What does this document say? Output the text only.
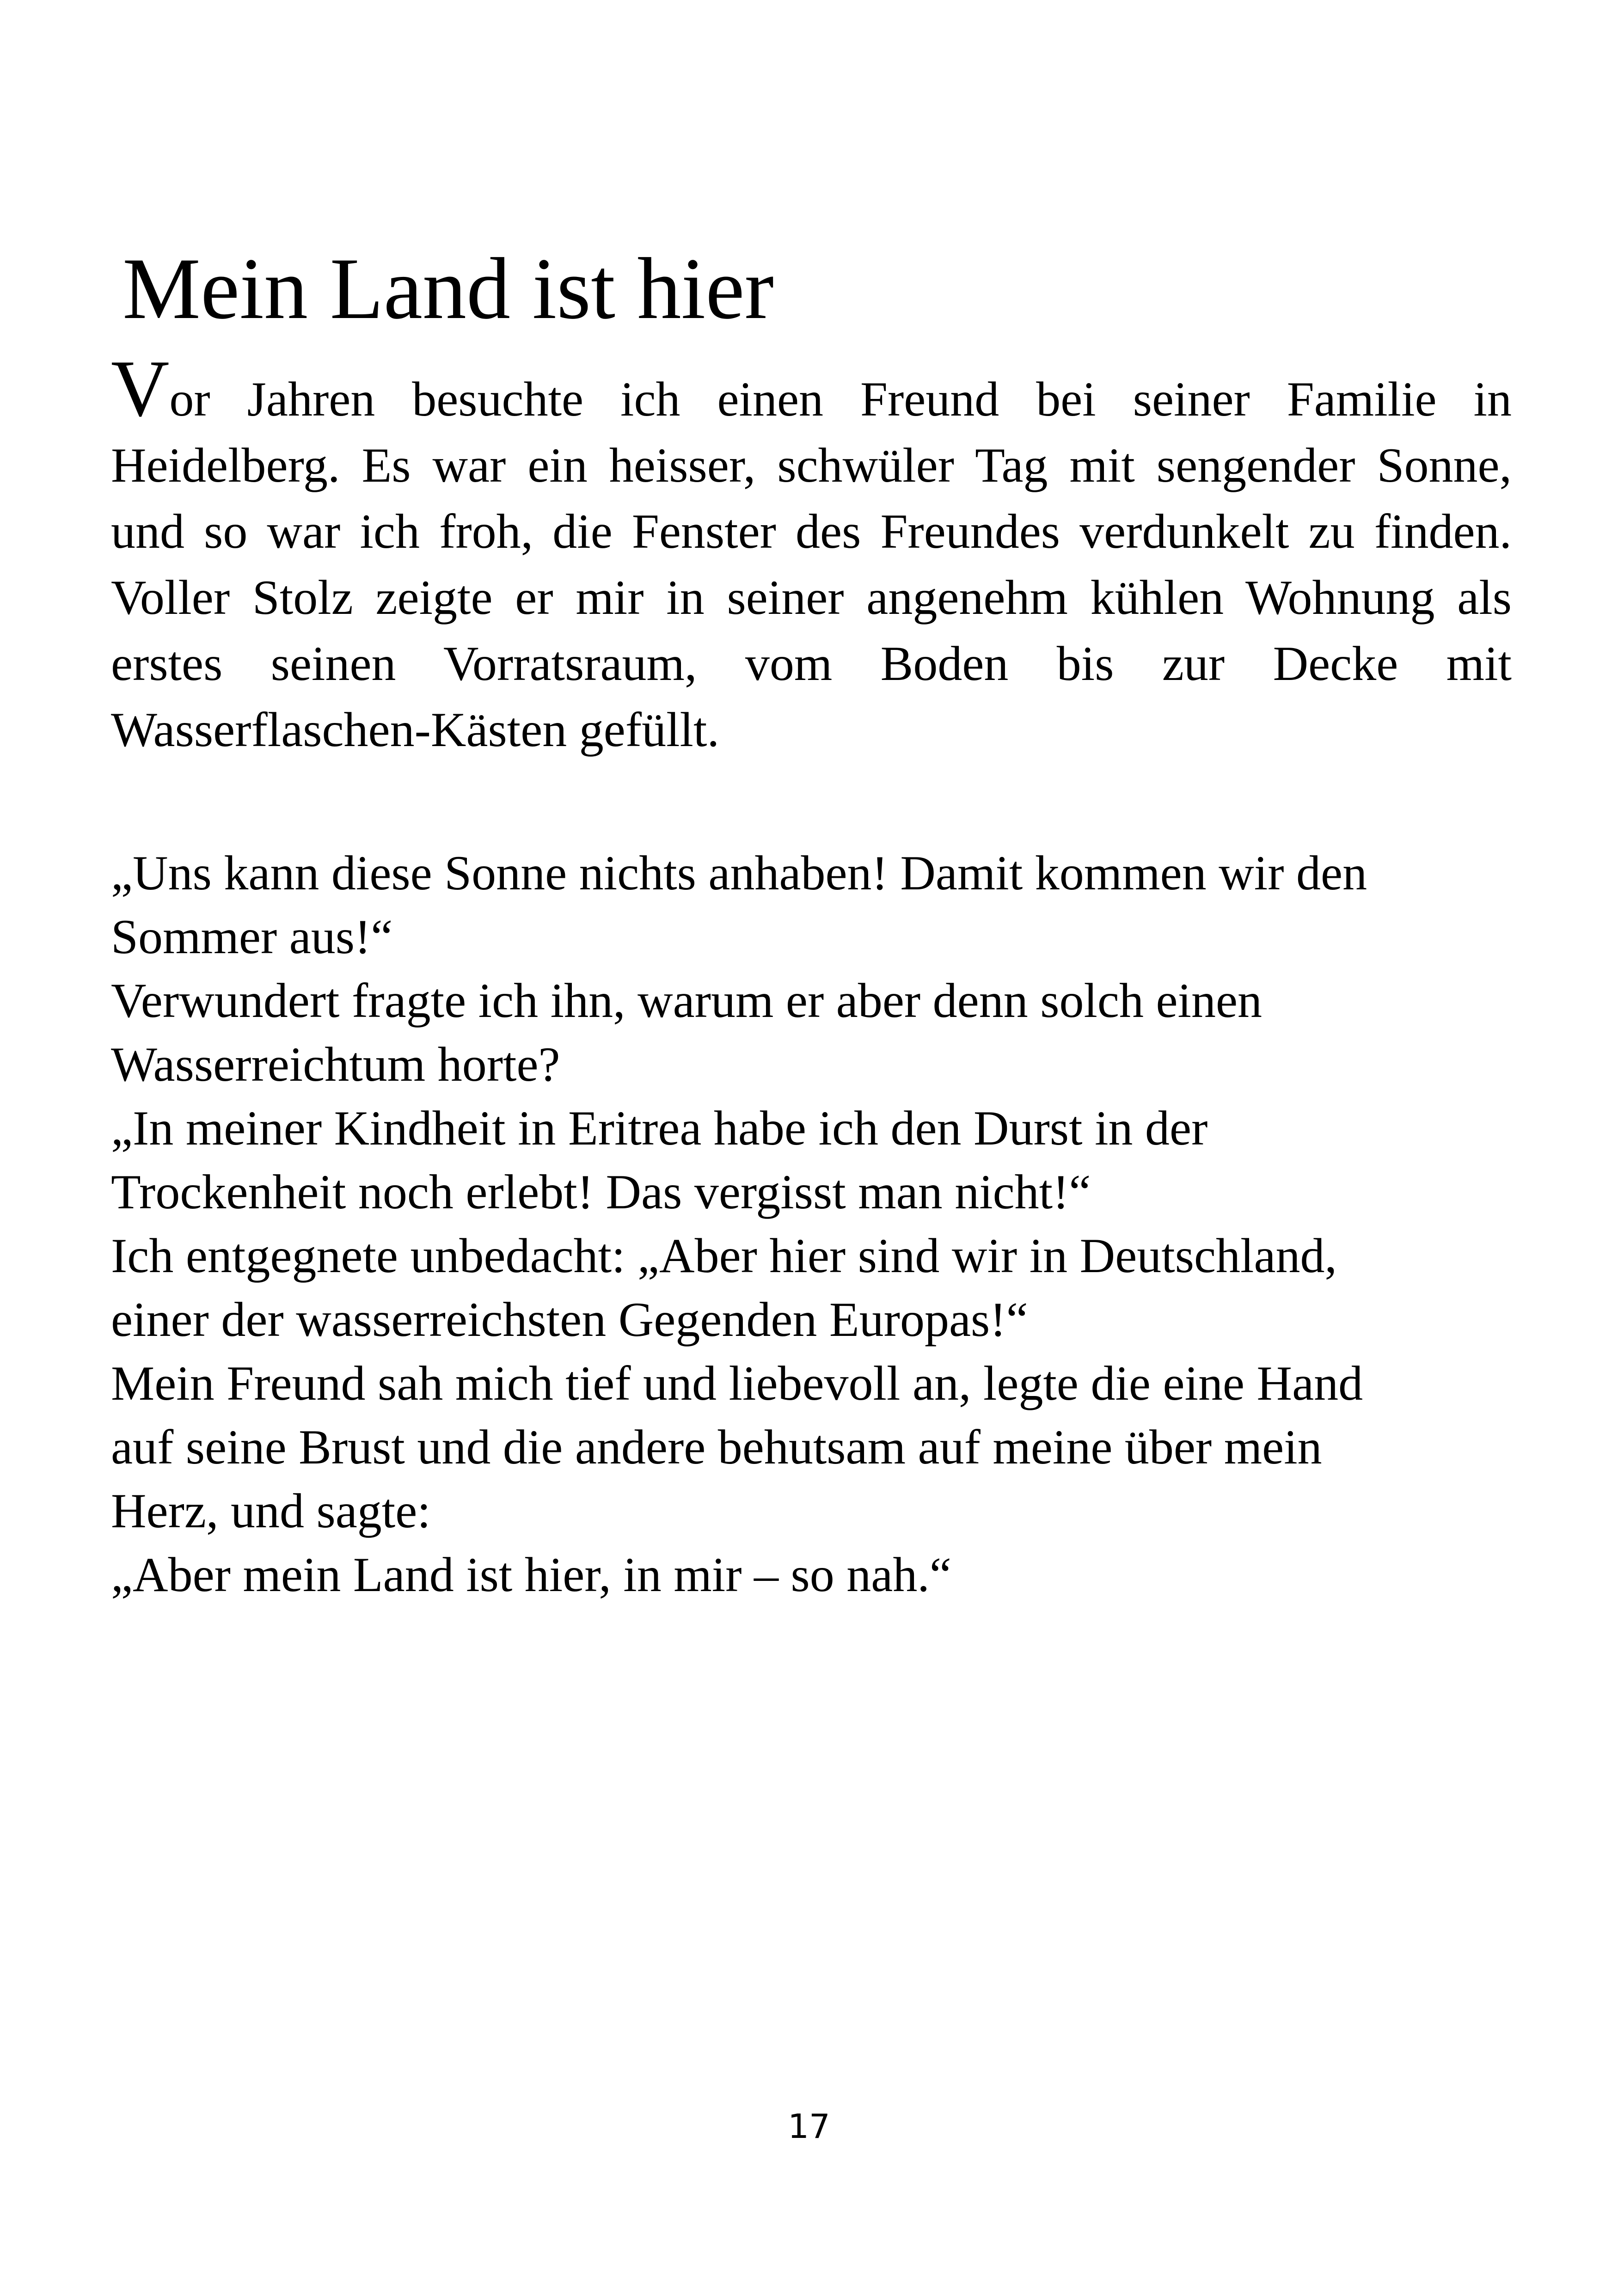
Mein Land ist hier

Vor Jahren besuchte ich einen Freund bei seiner Familie in Heidelberg. Es war ein heisser, schwüler Tag mit sengender Sonne, und so war ich froh, die Fenster des Freundes verdunkelt zu finden. Voller Stolz zeigte er mir in seiner angenehm kühlen Wohnung als erstes seinen Vorratsraum, vom Boden bis zur Decke mit Wasserflaschen-Kästen gefüllt.

„Uns kann diese Sonne nichts anhaben! Damit kommen wir den
Sommer aus!“
Verwundert fragte ich ihn, warum er aber denn solch einen
Wasserreichtum horte?
„In meiner Kindheit in Eritrea habe ich den Durst in der
Trockenheit noch erlebt! Das vergisst man nicht!“
Ich entgegnete unbedacht: „Aber hier sind wir in Deutschland,
einer der wasserreichsten Gegenden Europas!“
Mein Freund sah mich tief und liebevoll an, legte die eine Hand
auf seine Brust und die andere behutsam auf meine über mein
Herz, und sagte:
„Aber mein Land ist hier, in mir – so nah.“
17
